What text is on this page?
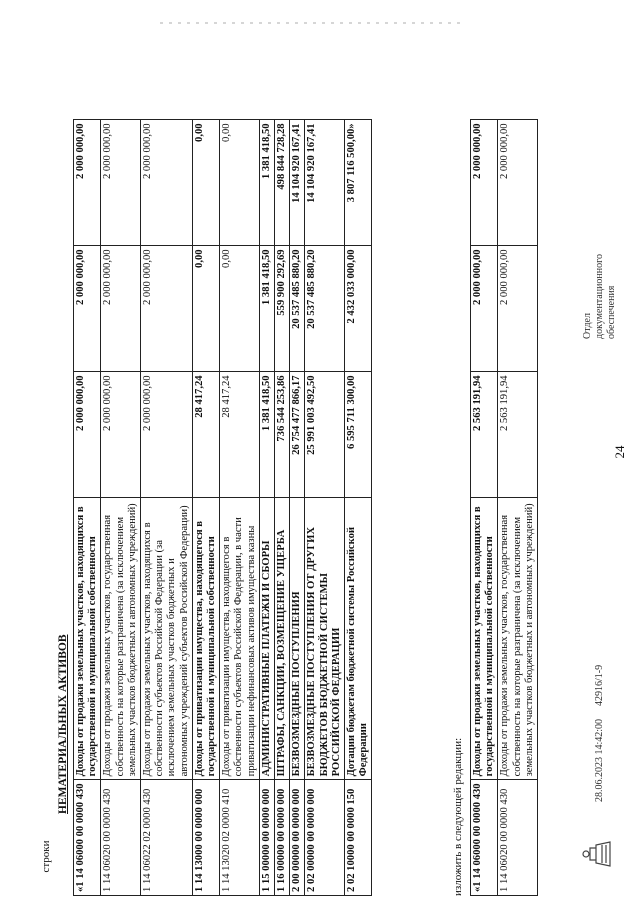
строки
НЕМАТЕРИАЛЬНЫХ АКТИВОВ
«1 14 06000 00 0000 430	Доходы от продажи земельных участков, находящихся в государственной и муниципальной собственности	2 000 000,00	2 000 000,00	2 000 000,00
1 14 06020 00 0000 430	Доходы от продажи земельных участков, государственная собственность на которые разграничена (за исключением земельных участков бюджетных и автономных учреждений)	2 000 000,00	2 000 000,00	2 000 000,00
1 14 06022 02 0000 430	Доходы от продажи земельных участков, находящихся в собственности субъектов Российской Федерации (за исключением земельных участков бюджетных и автономных учреждений субъектов Российской Федерации)	2 000 000,00	2 000 000,00	2 000 000,00
1 14 13000 00 0000 000	Доходы от приватизации имущества, находящегося в государственной и муниципальной собственности	28 417,24	0,00	0,00
1 14 13020 02 0000 410	Доходы от приватизации имущества, находящегося в собственности субъектов Российской Федерации, в части приватизации нефинансовых активов имущества казны	28 417,24	0,00	0,00
1 15 00000 00 0000 000	АДМИНИСТРАТИВНЫЕ ПЛАТЕЖИ И СБОРЫ	1 381 418,50	1 381 418,50	1 381 418,50
1 16 00000 00 0000 000	ШТРАФЫ, САНКЦИИ, ВОЗМЕЩЕНИЕ УЩЕРБА	736 544 253,86	559 900 292,69	498 844 728,28
2 00 00000 00 0000 000	БЕЗВОЗМЕЗДНЫЕ ПОСТУПЛЕНИЯ	26 754 477 866,17	20 537 485 880,20	14 104 920 167,41
2 02 00000 00 0000 000	БЕЗВОЗМЕЗДНЫЕ ПОСТУПЛЕНИЯ ОТ ДРУГИХ БЮДЖЕТОВ БЮДЖЕТНОЙ СИСТЕМЫ РОССИЙСКОЙ ФЕДЕРАЦИИ	25 991 003 492,50	20 537 485 880,20	14 104 920 167,41
2 02 10000 00 0000 150	Дотации бюджетам бюджетной системы Российской Федерации	6 595 711 300,00	2 432 033 000,00	3 807 116 500,00»
изложить в следующей редакции: «1 14 06000 00 0000 430	Доходы от продажи земельных участков, находящихся в государственной и муниципальной собственности	2 563 191,94	2 000 000,00	2 000 000,00
1 14 06020 00 0000 430	Доходы от продажи земельных участков, государственная собственность на которые разграничена (за исключением земельных участков бюджетных и автономных учреждений)	2 563 191,94	2 000 000,00	2 000 000,00
24
28.06.2023 14:42:00
42916/1-9
Отдел документационного обеспечения
